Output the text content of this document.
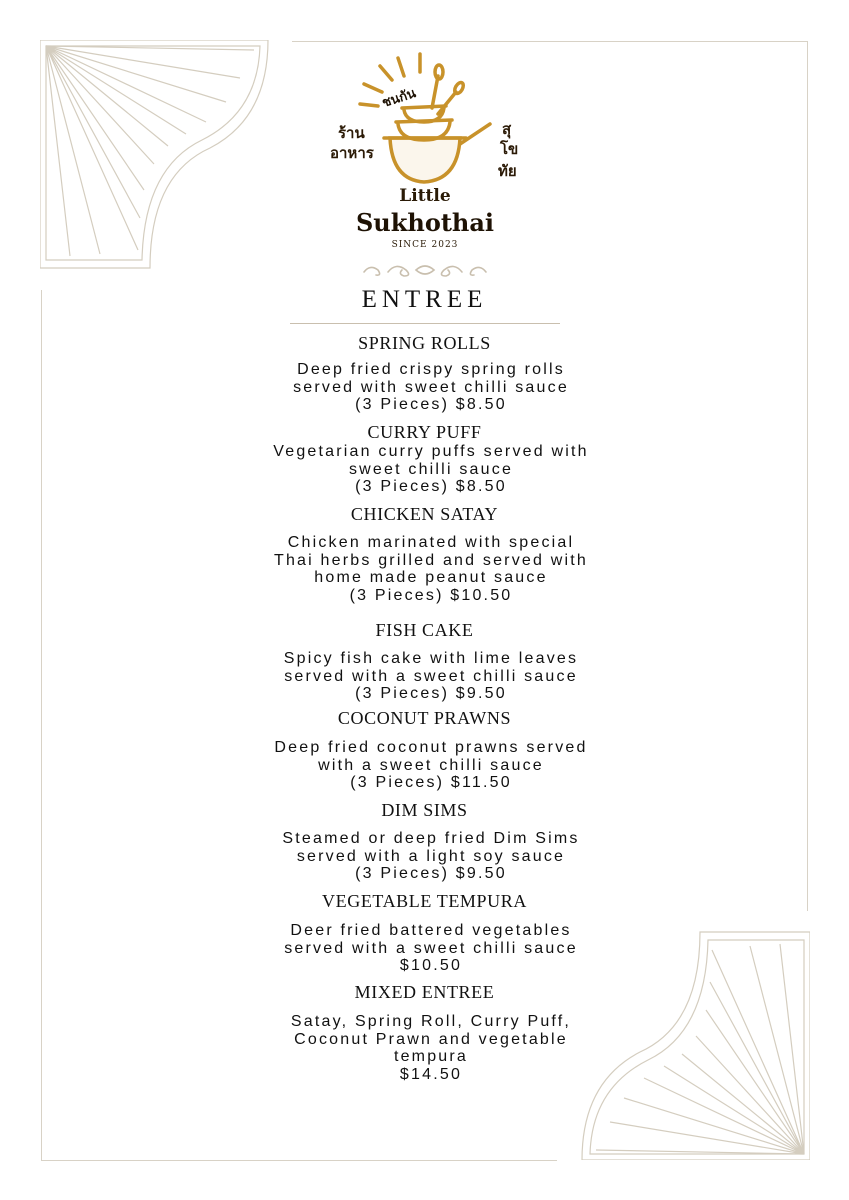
ชนกัน
ร้าน
อาหาร
สุ
โข
ทัย
Little
Sukhothai
SINCE 2023
ENTREE
SPRING ROLLS
Deep fried crispy spring rolls
served with sweet chilli sauce
(3 Pieces) $8.50
CURRY PUFF
Vegetarian curry puffs served with
sweet chilli sauce
(3 Pieces) $8.50
CHICKEN SATAY
Chicken marinated with special
Thai herbs grilled and served with
home made peanut sauce
(3 Pieces) $10.50
FISH CAKE
Spicy fish cake with lime leaves
served with a sweet chilli sauce
(3 Pieces) $9.50
COCONUT PRAWNS
Deep fried coconut prawns served
with a sweet chilli sauce
(3 Pieces) $11.50
DIM SIMS
Steamed or deep fried Dim Sims
served with a light soy sauce
(3 Pieces) $9.50
VEGETABLE TEMPURA
Deer fried battered vegetables
served with a sweet chilli sauce
$10.50
MIXED ENTREE
Satay, Spring Roll, Curry Puff,
Coconut Prawn and vegetable
tempura
$14.50
